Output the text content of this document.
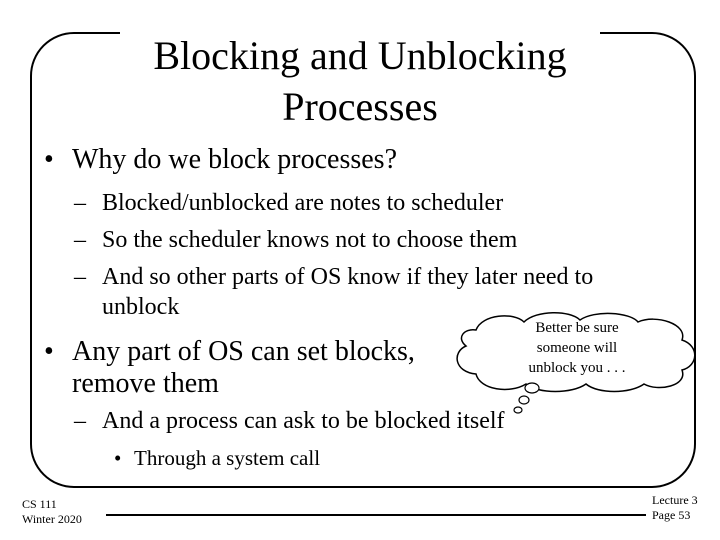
Blocking and Unblocking
Processes
• Why do we block processes?
– Blocked/unblocked are notes to scheduler
– So the scheduler knows not to choose them
– And so other parts of OS know if they later need to
unblock
• Any part of OS can set blocks,
remove them
– And a process can ask to be blocked itself
• Through a system call
Better be sure
someone will
unblock you . . .
CS 111
Winter 2020
Lecture 3
Page 53
